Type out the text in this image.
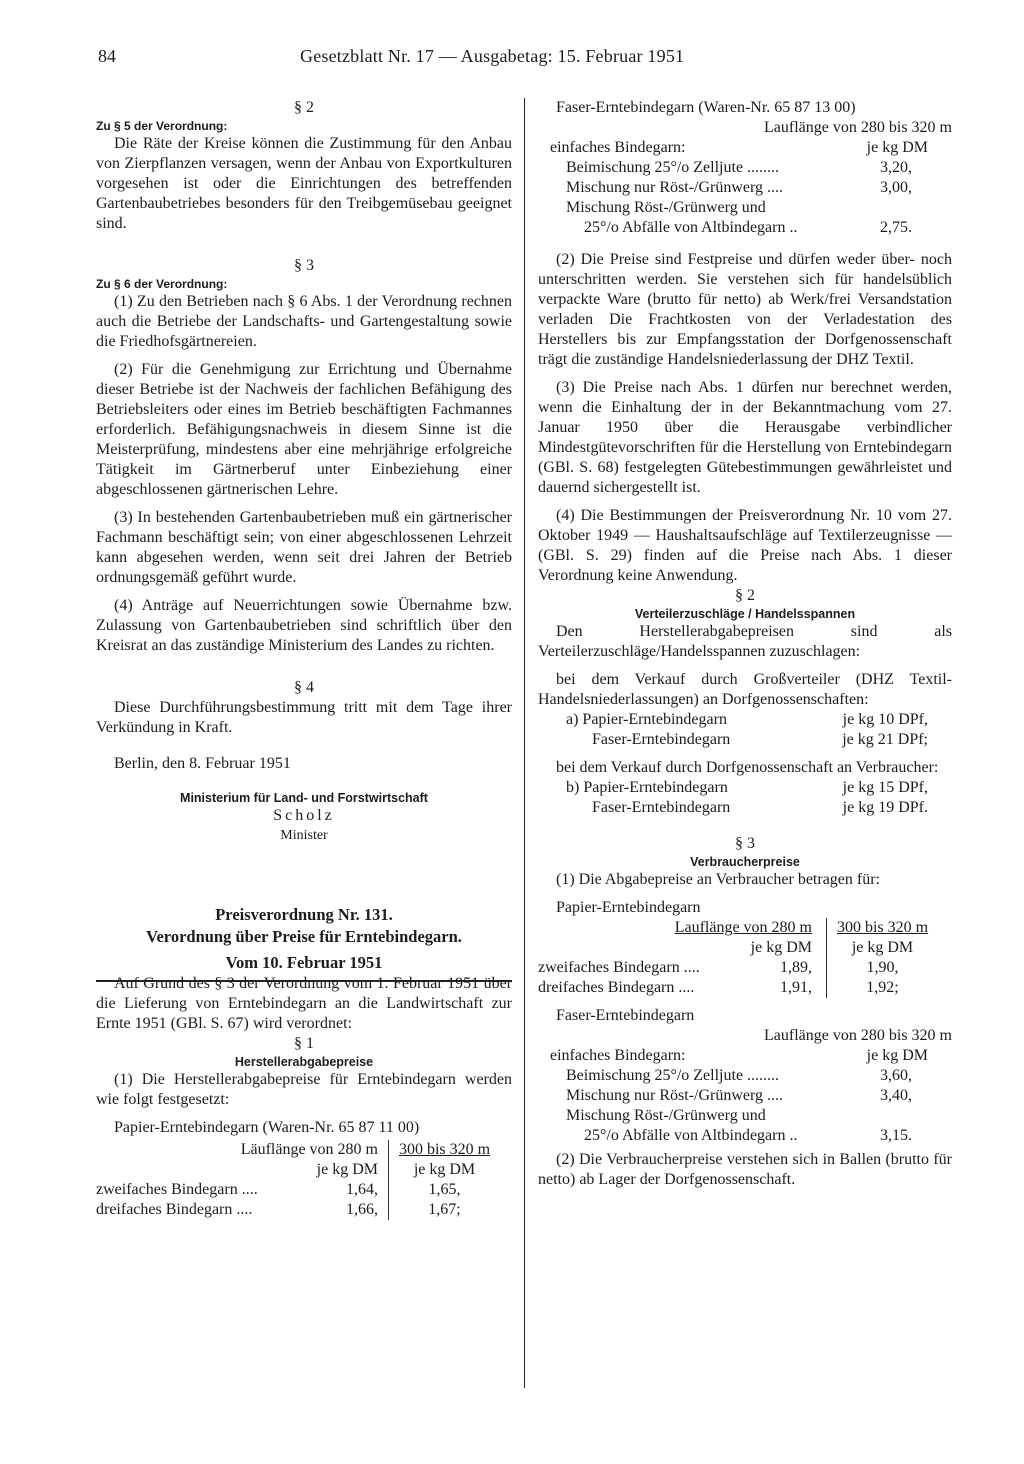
84	Gesetzblatt Nr. 17 — Ausgabetag: 15. Februar 1951

§ 2

Zu § 5 der Verordnung:

Die Räte der Kreise können die Zustimmung für den Anbau von Zierpflanzen versagen, wenn der Anbau von Exportkulturen vorgesehen ist oder die Einrichtungen des betreffenden Gartenbaubetriebes besonders für den Treibgemüsebau geeignet sind.

§ 3

Zu § 6 der Verordnung:

(1) Zu den Betrieben nach § 6 Abs. 1 der Verordnung rechnen auch die Betriebe der Landschafts- und Gartengestaltung sowie die Friedhofsgärtnereien.

(2) Für die Genehmigung zur Errichtung und Übernahme dieser Betriebe ist der Nachweis der fachlichen Befähigung des Betriebsleiters oder eines im Betrieb beschäftigten Fachmannes erforderlich. Befähigungsnachweis in diesem Sinne ist die Meisterprüfung, mindestens aber eine mehrjährige erfolgreiche Tätigkeit im Gärtnerberuf unter Einbeziehung einer abgeschlossenen gärtnerischen Lehre.

(3) In bestehenden Gartenbaubetrieben muß ein gärtnerischer Fachmann beschäftigt sein; von einer abgeschlossenen Lehrzeit kann abgesehen werden, wenn seit drei Jahren der Betrieb ordnungsgemäß geführt wurde.

(4) Anträge auf Neuerrichtungen sowie Übernahme bzw. Zulassung von Gartenbaubetrieben sind schriftlich über den Kreisrat an das zuständige Ministerium des Landes zu richten.

§ 4

Diese Durchführungsbestimmung tritt mit dem Tage ihrer Verkündung in Kraft.

Berlin, den 8. Februar 1951

Ministerium für Land- und Forstwirtschaft

Scholz

Minister

Preisverordnung Nr. 131.

Verordnung über Preise für Erntebindegarn.

Vom 10. Februar 1951

Auf Grund des § 3 der Verordnung vom 1. Februar 1951 über die Lieferung von Erntebindegarn an die Landwirtschaft zur Ernte 1951 (GBl. S. 67) wird verordnet:

§ 1

Herstellerabgabepreise

(1) Die Herstellerabgabepreise für Erntebindegarn werden wie folgt festgesetzt:

Papier-Erntebindegarn (Waren-Nr. 65 87 11 00)

Läuflänge von 280 m	300 bis 320 m
je kg DM	je kg DM
zweifaches Bindegarn ....	1,64,	1,65,
dreifaches Bindegarn ....	1,66,	1,67;

Faser-Erntebindegarn (Waren-Nr. 65 87 13 00)

Lauflänge von 280 bis 320 m

einfaches Bindegarn:	je kg DM
Beimischung 25°/o Zelljute ........	3,20,
Mischung nur Röst-/Grünwerg ....	3,00,
Mischung Röst-/Grünwerg und
25°/o Abfälle von Altbindegarn ..	2,75.

(2) Die Preise sind Festpreise und dürfen weder über- noch unterschritten werden. Sie verstehen sich für handelsüblich verpackte Ware (brutto für netto) ab Werk/frei Versandstation verladen Die Frachtkosten von der Verladestation des Herstellers bis zur Empfangsstation der Dorfgenossenschaft trägt die zuständige Handelsniederlassung der DHZ Textil.

(3) Die Preise nach Abs. 1 dürfen nur berechnet werden, wenn die Einhaltung der in der Bekanntmachung vom 27. Januar 1950 über die Herausgabe verbindlicher Mindestgütevorschriften für die Herstellung von Erntebindegarn (GBl. S. 68) festgelegten Gütebestimmungen gewährleistet und dauernd sichergestellt ist.

(4) Die Bestimmungen der Preisverordnung Nr. 10 vom 27. Oktober 1949 — Haushaltsaufschläge auf Textilerzeugnisse — (GBl. S. 29) finden auf die Preise nach Abs. 1 dieser Verordnung keine Anwendung.

§ 2

Verteilerzuschläge / Handelsspannen

Den Herstellerabgabepreisen sind als Verteilerzuschläge/Handelsspannen zuzuschlagen:

bei dem Verkauf durch Großverteiler (DHZ Textil-Handelsniederlassungen) an Dorfgenossenschaften:

a) Papier-Erntebindegarn	je kg 10 DPf,
Faser-Erntebindegarn	je kg 21 DPf;

bei dem Verkauf durch Dorfgenossenschaft an Verbraucher:

b) Papier-Erntebindegarn	je kg 15 DPf,
Faser-Erntebindegarn	je kg 19 DPf.

§ 3

Verbraucherpreise

(1) Die Abgabepreise an Verbraucher betragen für:

Papier-Erntebindegarn

Lauflänge von 280 m	300 bis 320 m
je kg DM	je kg DM
zweifaches Bindegarn ....	1,89,	1,90,
dreifaches Bindegarn ....	1,91,	1,92;

Faser-Erntebindegarn

Lauflänge von 280 bis 320 m

einfaches Bindegarn:	je kg DM
Beimischung 25°/o Zelljute ........	3,60,
Mischung nur Röst-/Grünwerg ....	3,40,
Mischung Röst-/Grünwerg und
25°/o Abfälle von Altbindegarn ..	3,15.

(2) Die Verbraucherpreise verstehen sich in Ballen (brutto für netto) ab Lager der Dorfgenossenschaft.
